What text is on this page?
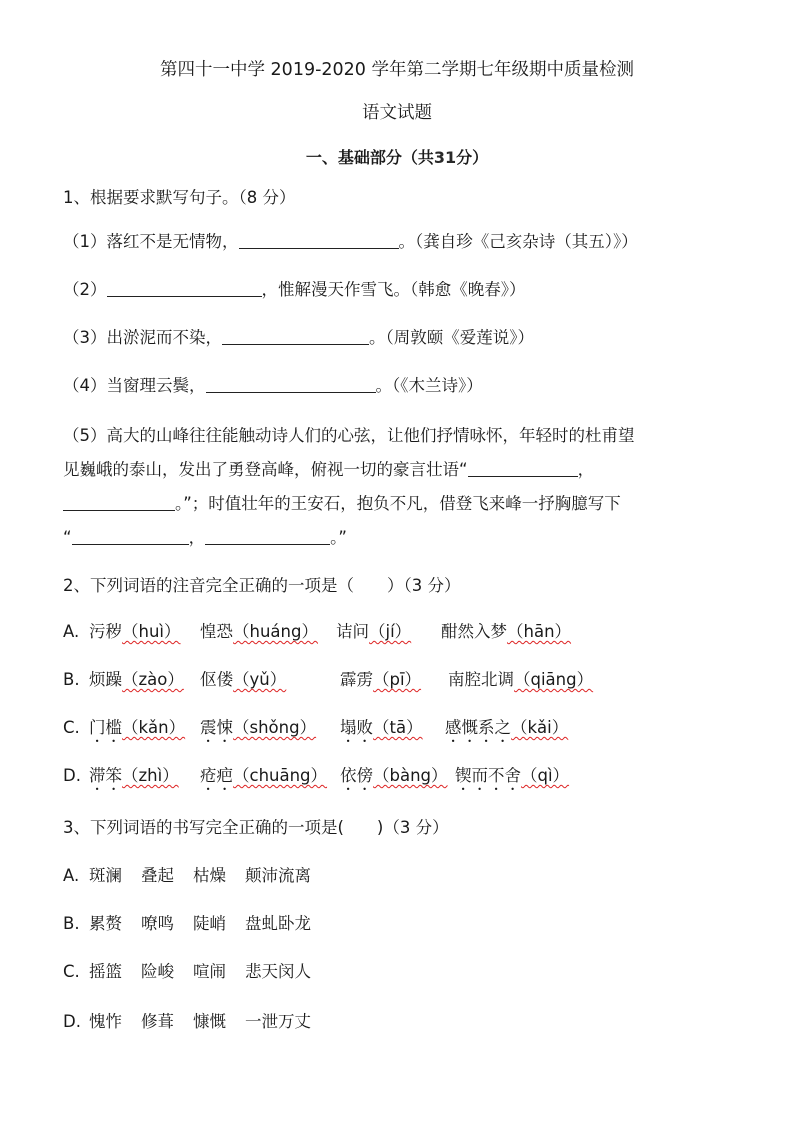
第四十一中学 2019-2020 学年第二学期七年级期中质量检测
语文试题
一、基础部分（共31分）
1、根据要求默写句子。（8 分）
（1）落红不是无情物，	。（龚自珍《己亥杂诗（其五）》）
（2）	，惟解漫天作雪飞。（韩愈《晚春》）
（3）出淤泥而不染，	。（周敦颐《爱莲说》）
（4）当窗理云鬓，	。（《木兰诗》）
（5）高大的山峰往往能触动诗人们的心弦，让他们抒情咏怀，年轻时的杜甫望
见巍峨的泰山，发出了勇登高峰，俯视一切的豪言壮语“	，
。”；时值壮年的王安石，抱负不凡，借登飞来峰一抒胸臆写下
“	，	。”
2、下列词语的注音完全正确的一项是（　　）（3 分）
A. 污秽（huì） 惶恐（huáng） 诘问（jí） 酣然入梦（hān）
B. 烦躁（zào） 伛偻（yǔ）	霹雳（pī） 南腔北调（qiāng）
C. 门槛（kǎn） 震悚（shǒng） 塌败（tā） 感慨系之（kǎi）
D. 滞笨（zhì） 疮疤（chuāng） 依傍（bàng） 锲而不舍（qì）
3、下列词语的书写完全正确的一项是(　　)（3 分）
A. 斑澜 叠起 枯燥 颠沛流离
B. 累赘 嘹鸣 陡峭 盘虬卧龙
C. 摇篮 险峻 喧闹 悲天闵人
D. 愧怍 修葺 慷慨 一泄万丈
